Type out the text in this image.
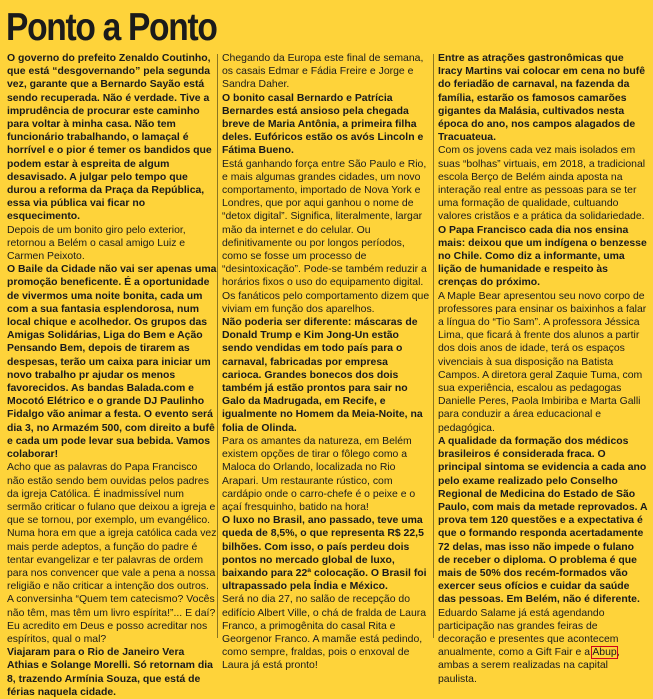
Ponto a Ponto

O governo do prefeito Zenaldo Coutinho, que está “desgovernando” pela segunda vez, garante que a Bernardo Sayão está sendo recuperada. Não é verdade. Tive a imprudência de procurar este caminho para voltar à minha casa. Não tem funcionário trabalhando, o lamaçal é horrível e o pior é temer os bandidos que podem estar à espreita de algum desavisado. A julgar pelo tempo que durou a reforma da Praça da República, essa via pública vai ficar no esquecimento.

Depois de um bonito giro pelo exterior, retornou a Belém o casal amigo Luiz e Carmen Peixoto.

O Baile da Cidade não vai ser apenas uma promoção beneficente. É a oportunidade de vivermos uma noite bonita, cada um com a sua fantasia esplendorosa, num local chique e acolhedor. Os grupos das Amigas Solidárias, Liga do Bem e Ação Pensando Bem, depois de tirarem as despesas, terão um caixa para iniciar um novo trabalho pr ajudar os menos favorecidos. As bandas Balada.com e Mocotó Elétrico e o grande DJ Paulinho Fidalgo vão animar a festa. O evento será dia 3, no Armazém 500, com direito a bufê e cada um pode levar sua bebida. Vamos colaborar!

Acho que as palavras do Papa Francisco não estão sendo bem ouvidas pelos padres da igreja Católica. É inadmissível num sermão criticar o fulano que deixou a igreja e que se tornou, por exemplo, um evangélico. Numa hora em que a igreja católica cada vez mais perde adeptos, a função do padre é tentar evangelizar e ter palavras de ordem para nos convencer que vale a pena a nossa religião e não criticar a intenção dos outros. A conversinha “Quem tem catecismo? Vocês não têm, mas têm um livro espírita!”... E daí? Eu acredito em Deus e posso acreditar nos espíritos, qual o mal?

Viajaram para o Rio de Janeiro Vera Athias e Solange Morelli. Só retornam dia 8, trazendo Armínia Souza, que está de férias naquela cidade.

Chegando da Europa este final de semana, os casais Edmar e Fádia Freire e Jorge e Sandra Daher.

O bonito casal Bernardo e Patrícia Bernardes está ansioso pela chegada breve de Maria Antônia, a primeira filha deles. Eufóricos estão os avós Lincoln e Fátima Bueno.

Está ganhando força entre São Paulo e Rio, e mais algumas grandes cidades, um novo comportamento, importado de Nova York e Londres, que por aqui ganhou o nome de “detox digital”. Significa, literalmente, largar mão da internet e do celular. Ou definitivamente ou por longos períodos, como se fosse um processo de “desintoxicação”. Pode-se também reduzir a horários fixos o uso do equipamento digital. Os fanáticos pelo comportamento dizem que viviam em função dos aparelhos.

Não poderia ser diferente: máscaras de Donald Trump e Kim Jong-Un estão sendo vendidas em todo país para o carnaval, fabricadas por empresa carioca. Grandes bonecos dos dois também já estão prontos para sair no Galo da Madrugada, em Recife, e igualmente no Homem da Meia-Noite, na folia de Olinda.

Para os amantes da natureza, em Belém existem opções de tirar o fôlego como a Maloca do Orlando, localizada no Rio Arapari. Um restaurante rústico, com cardápio onde o carro-chefe é o peixe e o açaí fresquinho, batido na hora!

O luxo no Brasil, ano passado, teve uma queda de 8,5%, o que representa R$ 22,5 bilhões. Com isso, o país perdeu dois pontos no mercado global de luxo, baixando para 22ª colocação. O Brasil foi ultrapassado pela Índia e México.

Será no dia 27, no salão de recepção do edifício Albert Ville, o chá de fralda de Laura Franco, a primogênita do casal Rita e Georgenor Franco. A mamãe está pedindo, como sempre, fraldas, pois o enxoval de Laura já está pronto!

Entre as atrações gastronômicas que Iracy Martins vai colocar em cena no bufê do feriadão de carnaval, na fazenda da família, estarão os famosos camarões gigantes da Malásia, cultivados nesta época do ano, nos campos alagados de Tracuateua.

Com os jovens cada vez mais isolados em suas “bolhas” virtuais, em 2018, a tradicional escola Berço de Belém ainda aposta na interação real entre as pessoas para se ter uma formação de qualidade, cultuando valores cristãos e a prática da solidariedade.

O Papa Francisco cada dia nos ensina mais: deixou que um indígena o benzesse no Chile. Como diz a informante, uma lição de humanidade e respeito às crenças do próximo.

A Maple Bear apresentou seu novo corpo de professores para ensinar os baixinhos a falar a língua do “Tio Sam”. A professora Jéssica Lima, que ficará à frente dos alunos a partir dos dois anos de idade, terá os espaços vivenciais à sua disposição na Batista Campos. A diretora geral Zaquie Tuma, com sua experiência, escalou as pedagogas Danielle Peres, Paola Imbiriba e Marta Galli para conduzir a área educacional e pedagógica.

A qualidade da formação dos médicos brasileiros é considerada fraca. O principal sintoma se evidencia a cada ano pelo exame realizado pelo Conselho Regional de Medicina do Estado de São Paulo, com mais da metade reprovados. A prova tem 120 questões e a expectativa é que o formando responda acertadamente 72 delas, mas isso não impede o fulano de receber o diploma. O problema é que mais de 50% dos recém-formados vão exercer seus ofícios e cuidar da saúde das pessoas. Em Belém, não é diferente.

Eduardo Salame já está agendando participação nas grandes feiras de decoração e presentes que acontecem anualmente, como a Gift Fair e a Abup, ambas a serem realizadas na capital paulista.
